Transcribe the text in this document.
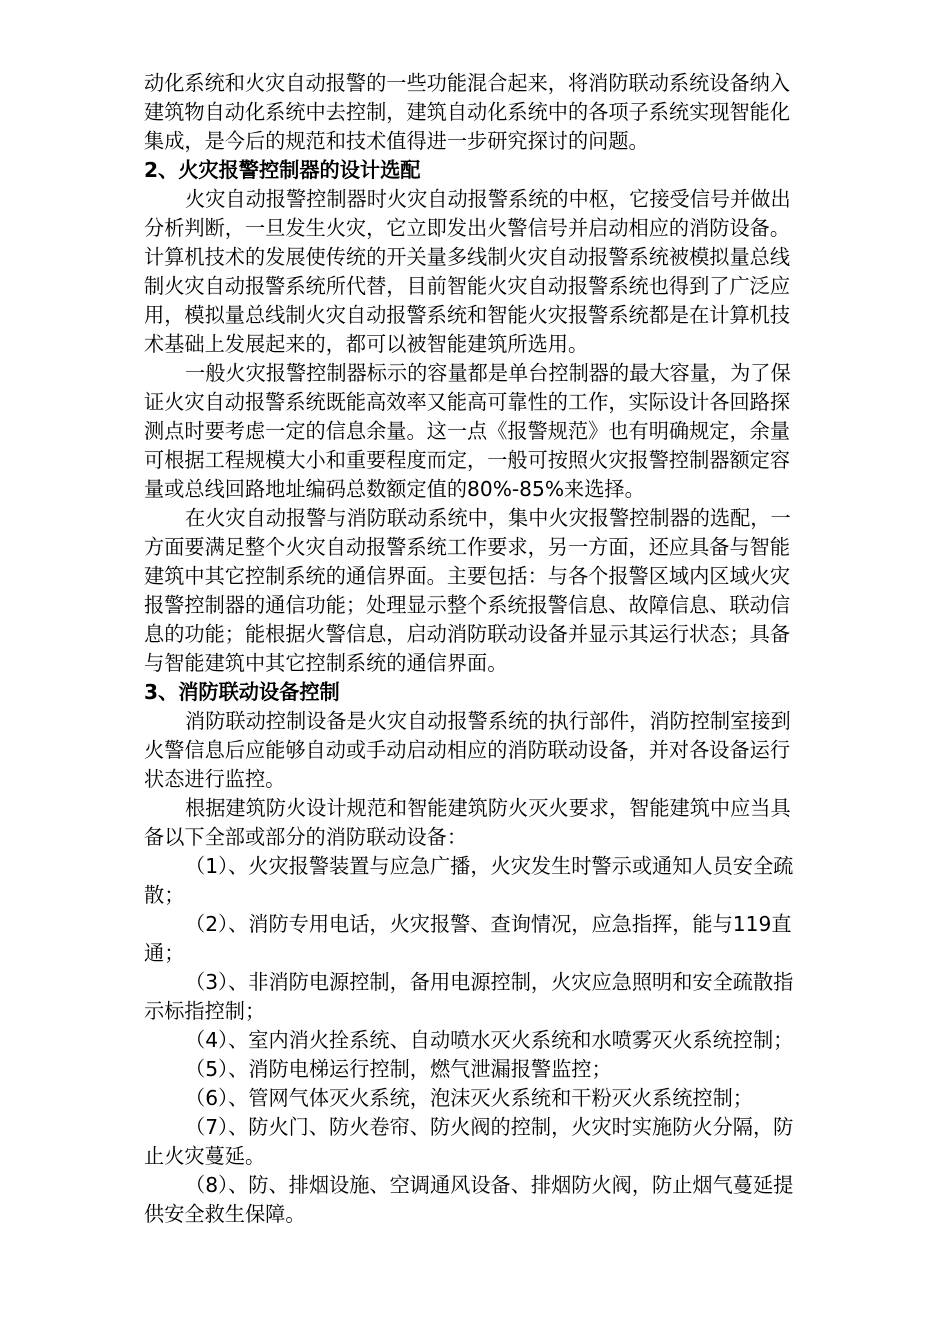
动化系统和火灾自动报警的一些功能混合起来，将消防联动系统设备纳入
建筑物自动化系统中去控制，建筑自动化系统中的各项子系统实现智能化
集成，是今后的规范和技术值得进一步研究探讨的问题。
2、火灾报警控制器的设计选配
火灾自动报警控制器时火灾自动报警系统的中枢，它接受信号并做出
分析判断，一旦发生火灾，它立即发出火警信号并启动相应的消防设备。
计算机技术的发展使传统的开关量多线制火灾自动报警系统被模拟量总线
制火灾自动报警系统所代替，目前智能火灾自动报警系统也得到了广泛应
用，模拟量总线制火灾自动报警系统和智能火灾报警系统都是在计算机技
术基础上发展起来的，都可以被智能建筑所选用。
一般火灾报警控制器标示的容量都是单台控制器的最大容量，为了保
证火灾自动报警系统既能高效率又能高可靠性的工作，实际设计各回路探
测点时要考虑一定的信息余量。这一点《报警规范》也有明确规定，余量
可根据工程规模大小和重要程度而定，一般可按照火灾报警控制器额定容
量或总线回路地址编码总数额定值的80%-85%来选择。
在火灾自动报警与消防联动系统中，集中火灾报警控制器的选配，一
方面要满足整个火灾自动报警系统工作要求，另一方面，还应具备与智能
建筑中其它控制系统的通信界面。主要包括：与各个报警区域内区域火灾
报警控制器的通信功能；处理显示整个系统报警信息、故障信息、联动信
息的功能；能根据火警信息，启动消防联动设备并显示其运行状态；具备
与智能建筑中其它控制系统的通信界面。
3、消防联动设备控制
消防联动控制设备是火灾自动报警系统的执行部件，消防控制室接到
火警信息后应能够自动或手动启动相应的消防联动设备，并对各设备运行
状态进行监控。
根据建筑防火设计规范和智能建筑防火灭火要求，智能建筑中应当具
备以下全部或部分的消防联动设备：
（1）、火灾报警装置与应急广播，火灾发生时警示或通知人员安全疏
散；
（2）、消防专用电话，火灾报警、查询情况，应急指挥，能与119直
通；
（3）、非消防电源控制，备用电源控制，火灾应急照明和安全疏散指
示标指控制；
（4）、室内消火拴系统、自动喷水灭火系统和水喷雾灭火系统控制；
（5）、消防电梯运行控制，燃气泄漏报警监控；
（6）、管网气体灭火系统，泡沫灭火系统和干粉灭火系统控制；
（7）、防火门、防火卷帘、防火阀的控制，火灾时实施防火分隔，防
止火灾蔓延。
（8）、防、排烟设施、空调通风设备、排烟防火阀，防止烟气蔓延提
供安全救生保障。
